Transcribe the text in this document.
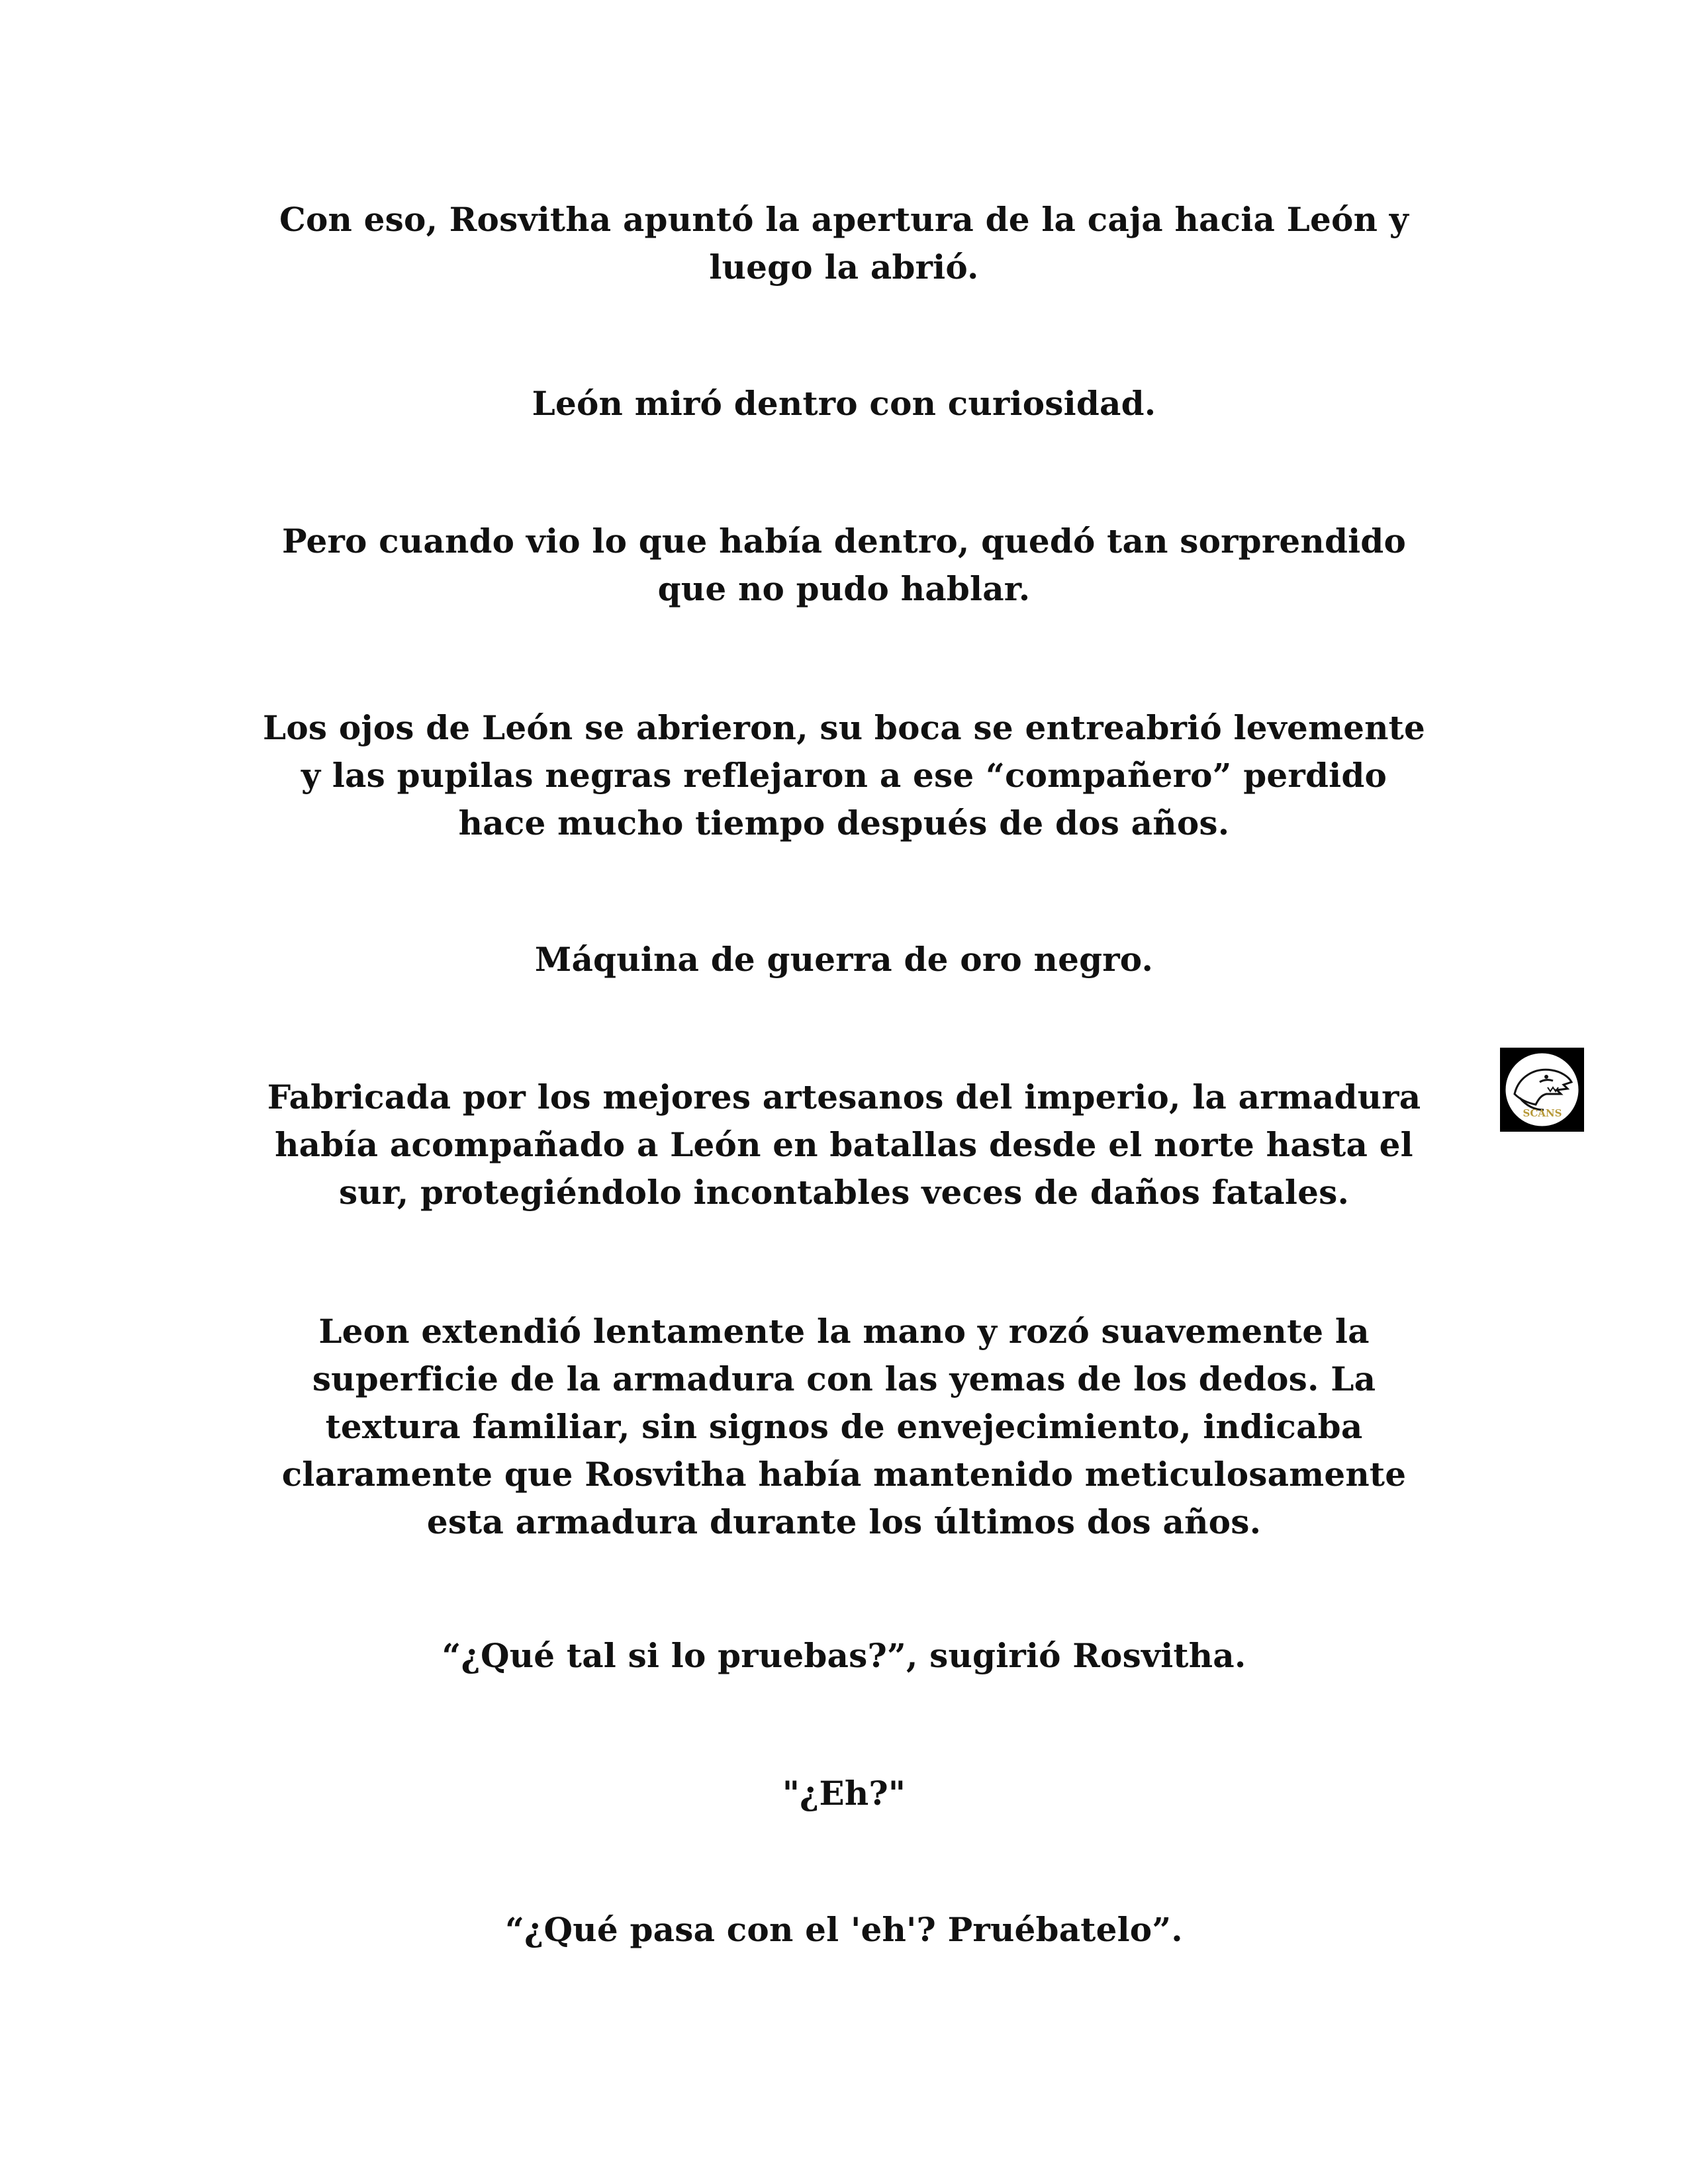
Con eso, Rosvitha apuntó la apertura de la caja hacia León y
luego la abrió.
León miró dentro con curiosidad.
Pero cuando vio lo que había dentro, quedó tan sorprendido
que no pudo hablar.
Los ojos de León se abrieron, su boca se entreabrió levemente
y las pupilas negras reflejaron a ese “compañero” perdido
hace mucho tiempo después de dos años.
Máquina de guerra de oro negro.
Fabricada por los mejores artesanos del imperio, la armadura
había acompañado a León en batallas desde el norte hasta el
sur, protegiéndolo incontables veces de daños fatales.
Leon extendió lentamente la mano y rozó suavemente la
superficie de la armadura con las yemas de los dedos. La
textura familiar, sin signos de envejecimiento, indicaba
claramente que Rosvitha había mantenido meticulosamente
esta armadura durante los últimos dos años.
“¿Qué tal si lo pruebas?”, sugirió Rosvitha.
"¿Eh?"
“¿Qué pasa con el 'eh'? Pruébatelo”.
SCANS
